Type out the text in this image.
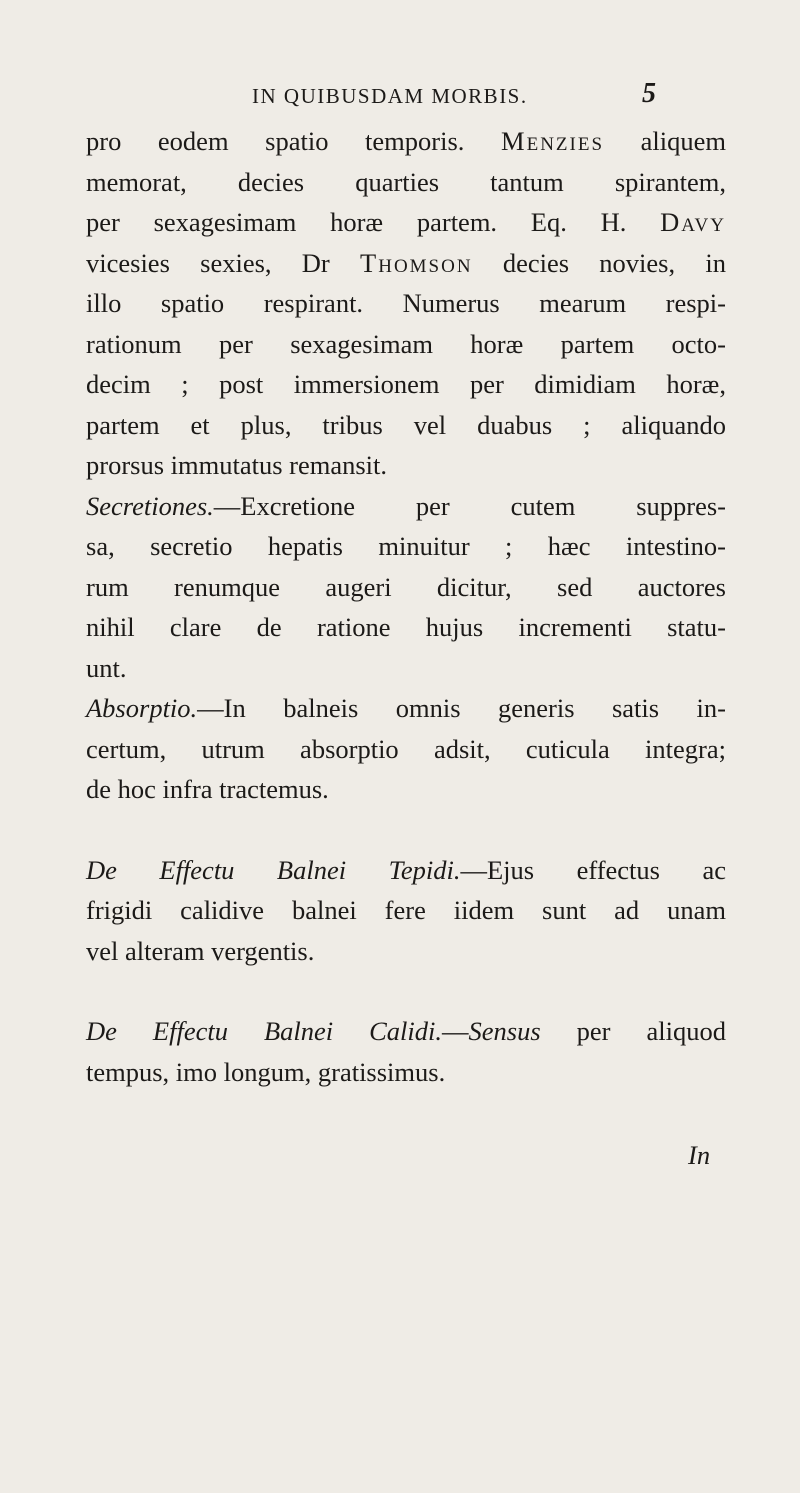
IN QUIBUSDAM MORBIS.	5
pro eodem spatio temporis. Menzies aliquem
memorat, decies quarties tantum spirantem,
per sexagesimam horæ partem. Eq. H. Davy
vicesies sexies, Dr Thomson decies novies, in
illo spatio respirant. Numerus mearum respi-
rationum per sexagesimam horæ partem octo-
decim ; post immersionem per dimidiam horæ,
partem et plus, tribus vel duabus ; aliquando
prorsus immutatus remansit.
Secretiones.—Excretione per cutem suppres-
sa, secretio hepatis minuitur ; hæc intestino-
rum renumque augeri dicitur, sed auctores
nihil clare de ratione hujus incrementi statu-
unt.
Absorptio.—In balneis omnis generis satis in-
certum, utrum absorptio adsit, cuticula integra;
de hoc infra tractemus.
De Effectu Balnei Tepidi.—Ejus effectus ac
frigidi calidive balnei fere iidem sunt ad unam
vel alteram vergentis.
De Effectu Balnei Calidi.—Sensus per aliquod
tempus, imo longum, gratissimus.
In
